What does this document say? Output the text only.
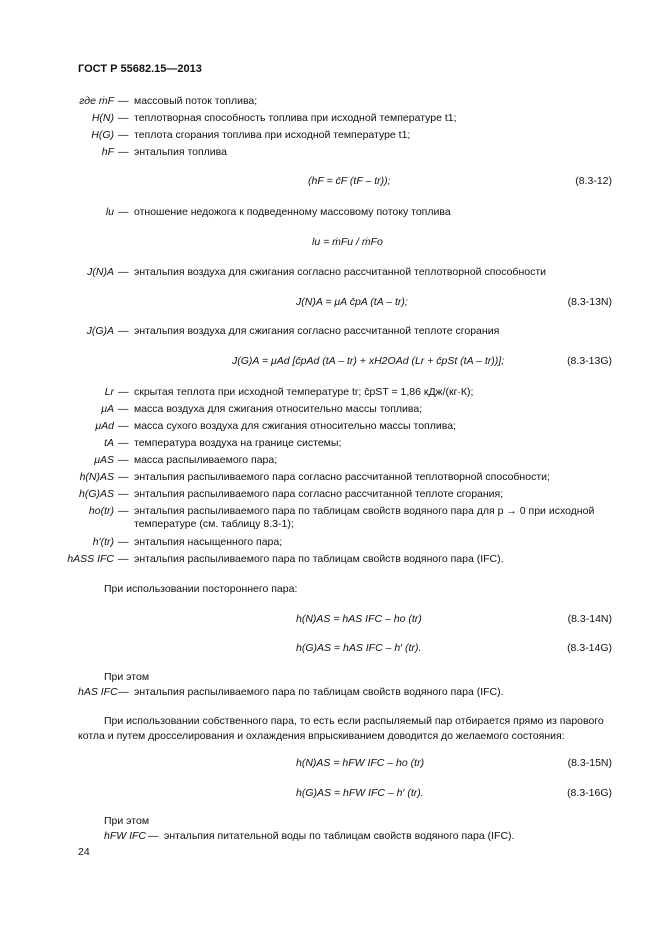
ГОСТ Р 55682.15—2013
где ṁF — массовый поток топлива;
H(N) — теплотворная способность топлива при исходной температуре t1;
H(G) — теплота сгорания топлива при исходной температуре t1;
hF — энтальпия топлива
(hF = c̄F (tF – tr));	(8.3-12)
lu — отношение недожога к подведенному массовому потоку топлива
lu = ṁFu / ṁFo
J(N)A — энтальпия воздуха для сжигания согласно рассчитанной теплотворной способности
J(N)A = μA c̄pA (tA – tr);	(8.3-13N)
J(G)A — энтальпия воздуха для сжигания согласно рассчитанной теплоте сгорания
J(G)A = μAd [c̄pAd (tA – tr) + xH2OAd (Lr + c̄pSt (tA – tr))];	(8.3-13G)
Lr — скрытая теплота при исходной температуре tr; c̄pST = 1,86 кДж/(кг·К);
μA — масса воздуха для сжигания относительно массы топлива;
μAd — масса сухого воздуха для сжигания относительно массы топлива;
tA — температура воздуха на границе системы;
μAS — масса распыливаемого пара;
h(N)AS — энтальпия распыливаемого пара согласно рассчитанной теплотворной способности;
h(G)AS — энтальпия распыливаемого пара согласно рассчитанной теплоте сгорания;
ho(tr) — энтальпия распыливаемого пара по таблицам свойств водяного пара для p → 0 при исходной температуре (см. таблицу 8.3-1);
h′(tr) — энтальпия насыщенного пара;
hASS IFC — энтальпия распыливаемого пара по таблицам свойств водяного пара (IFC).
При использовании постороннего пара:
h(N)AS = hAS IFC – ho (tr)	(8.3-14N)
h(G)AS = hAS IFC – h′ (tr).	(8.3-14G)
При этом
hAS IFC — энтальпия распыливаемого пара по таблицам свойств водяного пара (IFC).
При использовании собственного пара, то есть если распыляемый пар отбирается прямо из парового котла и путем дросселирования и охлаждения впрыскиванием доводится до желаемого состояния:
h(N)AS = hFW IFC – ho (tr)	(8.3-15N)
h(G)AS = hFW IFC – h′ (tr).	(8.3-16G)
При этом
hFW IFC — энтальпия питательной воды по таблицам свойств водяного пара (IFC).
24
